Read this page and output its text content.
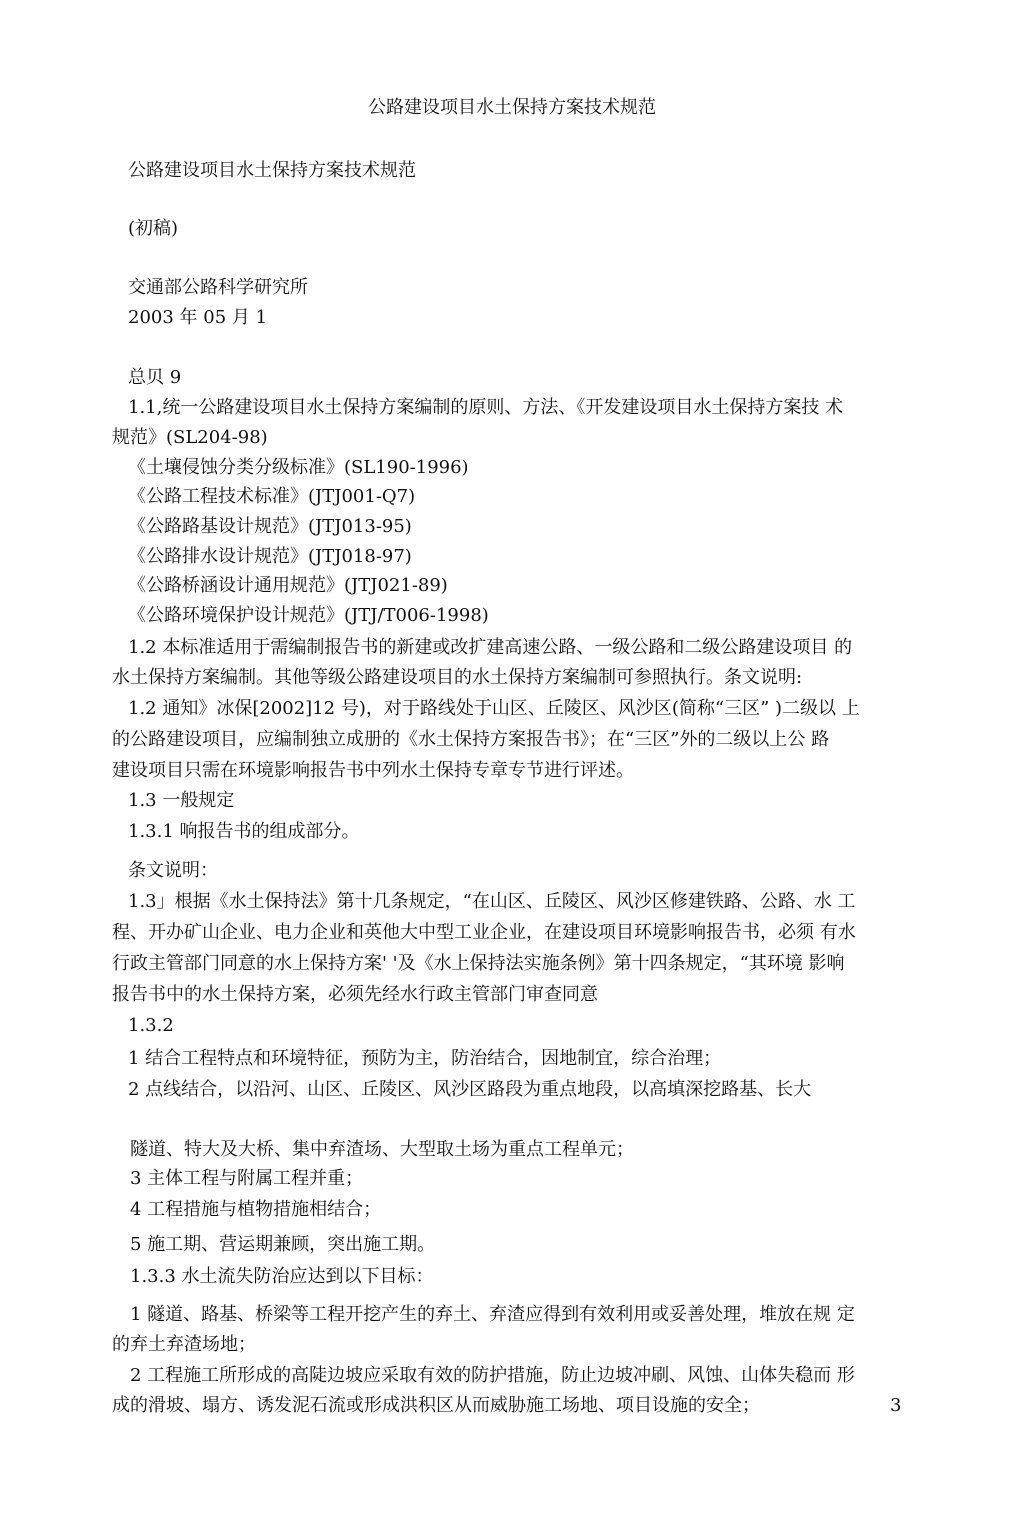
公路建设项目水土保持方案技术规范
公路建设项目水土保持方案技术规范
(初稿)
交通部公路科学研究所
2003 年 05 月 1
总贝 9
1.1,统一公路建设项目水土保持方案编制的原则、方法、《开发建设项目水土保持方案技 术
规范》(SL204-98)
《土壤侵蚀分类分级标准》(SL190-1996)
《公路工程技术标准》(JTJ001-Q7)
《公路路基设计规范》(JTJ013-95)
《公路排水设计规范》(JTJ018-97)
《公路桥涵设计通用规范》(JTJ021-89)
《公路环境保护设计规范》(JTJ/T006-1998)
1.2 本标准适用于需编制报告书的新建或改扩建高速公路、一级公路和二级公路建设项目 的
水土保持方案编制。其他等级公路建设项目的水土保持方案编制可参照执行。条文说明:
1.2 通知》冰保[2002]12 号)，对于路线处于山区、丘陵区、风沙区(简称“三区” )二级以 上
的公路建设项目，应编制独立成册的《水土保持方案报告书》；在“三区”外的二级以上公 路
建设项目只需在环境影响报告书中列水土保持专章专节进行评述。
1.3 一般规定
1.3.1 响报告书的组成部分。
条文说明：
1.3」根据《水土保持法》第十几条规定，“在山区、丘陵区、风沙区修建铁路、公路、水 工
程、开办矿山企业、电力企业和英他大中型工业企业，在建设项目环境影响报告书，必须 有水
行政主管部门同意的水上保持方案' '及《水上保持法实施条例》第十四条规定，“其环境 影响
报告书中的水土保持方案，必须先经水行政主管部门审查同意
1.3.2
1 结合工程特点和环境特征，预防为主，防治结合，因地制宜，综合治理；
2 点线结合，以沿河、山区、丘陵区、风沙区路段为重点地段，以高填深挖路基、长大
隧道、特大及大桥、集中弃渣场、大型取土场为重点工程单元；
3 主体工程与附属工程并重；
4 工程措施与植物措施相结合；
5 施工期、营运期兼顾，突出施工期。
1.3.3 水土流失防治应达到以下目标：
1 隧道、路基、桥梁等工程开挖产生的弃土、弃渣应得到有效利用或妥善处理，堆放在规 定
的弃土弃渣场地；
2 工程施工所形成的高陡边坡应采取有效的防护措施，防止边坡冲刷、风蚀、山体失稳而 形
成的滑坡、塌方、诱发泥石流或形成洪积区从而威胁施工场地、项目设施的安全；	3
